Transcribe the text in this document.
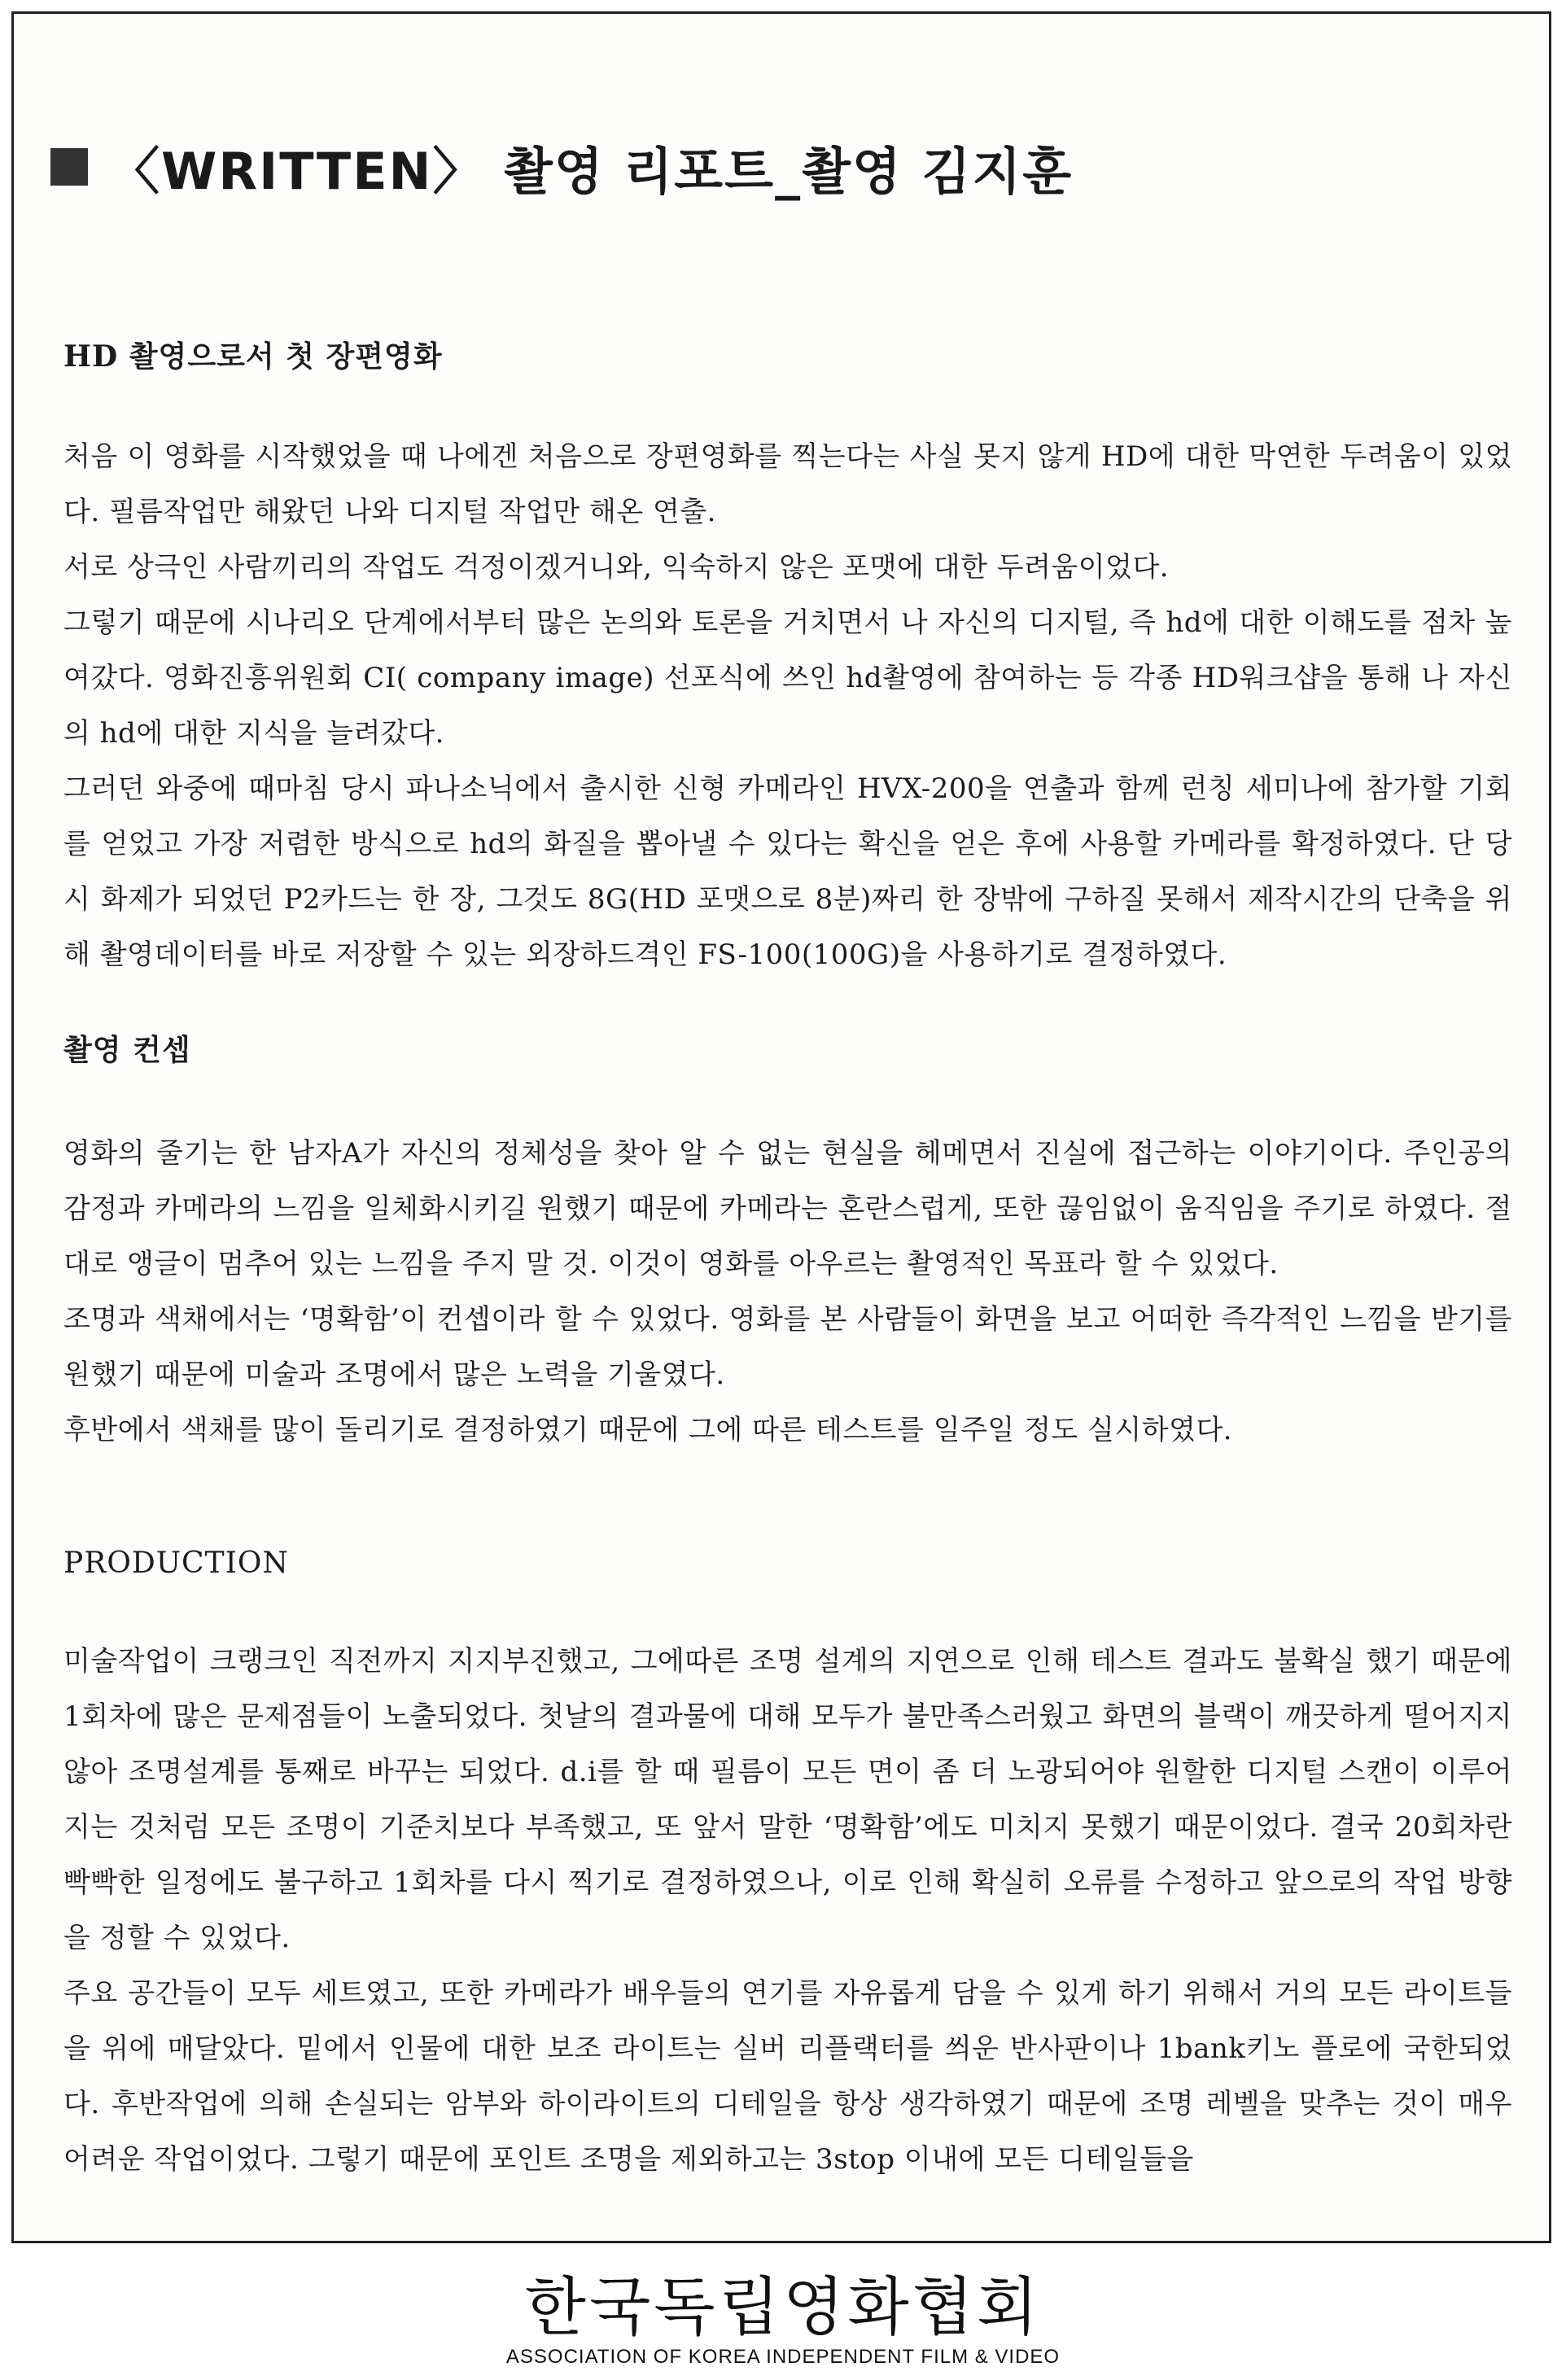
〈WRITTEN〉 촬영 리포트_촬영 김지훈
HD 촬영으로서 첫 장편영화

처음 이 영화를 시작했었을 때 나에겐 처음으로 장편영화를 찍는다는 사실 못지 않게 HD에 대한 막연한 두려움이 있었다. 필름작업만 해왔던 나와 디지털 작업만 해온 연출.

서로 상극인 사람끼리의 작업도 걱정이겠거니와, 익숙하지 않은 포맷에 대한 두려움이었다.

그렇기 때문에 시나리오 단계에서부터 많은 논의와 토론을 거치면서 나 자신의 디지털, 즉 hd에 대한 이해도를 점차 높여갔다. 영화진흥위원회 CI( company image) 선포식에 쓰인 hd촬영에 참여하는 등 각종 HD워크샵을 통해 나 자신의 hd에 대한 지식을 늘려갔다.

그러던 와중에 때마침 당시 파나소닉에서 출시한 신형 카메라인 HVX-200을 연출과 함께 런칭 세미나에 참가할 기회를 얻었고 가장 저렴한 방식으로 hd의 화질을 뽑아낼 수 있다는 확신을 얻은 후에 사용할 카메라를 확정하였다. 단 당시 화제가 되었던 P2카드는 한 장, 그것도 8G(HD 포맷으로 8분)짜리 한 장밖에 구하질 못해서 제작시간의 단축을 위해 촬영데이터를 바로 저장할 수 있는 외장하드격인 FS-100(100G)을 사용하기로 결정하였다.

촬영 컨셉

영화의 줄기는 한 남자A가 자신의 정체성을 찾아 알 수 없는 현실을 헤메면서 진실에 접근하는 이야기이다. 주인공의 감정과 카메라의 느낌을 일체화시키길 원했기 때문에 카메라는 혼란스럽게, 또한 끊임없이 움직임을 주기로 하였다. 절대로 앵글이 멈추어 있는 느낌을 주지 말 것. 이것이 영화를 아우르는 촬영적인 목표라 할 수 있었다.

조명과 색채에서는 ‘명확함’이 컨셉이라 할 수 있었다. 영화를 본 사람들이 화면을 보고 어떠한 즉각적인 느낌을 받기를 원했기 때문에 미술과 조명에서 많은 노력을 기울였다.

후반에서 색채를 많이 돌리기로 결정하였기 때문에 그에 따른 테스트를 일주일 정도 실시하였다.

PRODUCTION

미술작업이 크랭크인 직전까지 지지부진했고, 그에따른 조명 설계의 지연으로 인해 테스트 결과도 불확실 했기 때문에 1회차에 많은 문제점들이 노출되었다. 첫날의 결과물에 대해 모두가 불만족스러웠고 화면의 블랙이 깨끗하게 떨어지지 않아 조명설계를 통째로 바꾸는 되었다. d.i를 할 때 필름이 모든 면이 좀 더 노광되어야 원할한 디지털 스캔이 이루어지는 것처럼 모든 조명이 기준치보다 부족했고, 또 앞서 말한 ‘명확함’에도 미치지 못했기 때문이었다. 결국 20회차란 빡빡한 일정에도 불구하고 1회차를 다시 찍기로 결정하였으나, 이로 인해 확실히 오류를 수정하고 앞으로의 작업 방향을 정할 수 있었다.

주요 공간들이 모두 세트였고, 또한 카메라가 배우들의 연기를 자유롭게 담을 수 있게 하기 위해서 거의 모든 라이트들을 위에 매달았다. 밑에서 인물에 대한 보조 라이트는 실버 리플랙터를 씌운 반사판이나 1bank키노 플로에 국한되었다. 후반작업에 의해 손실되는 암부와 하이라이트의 디테일을 항상 생각하였기 때문에 조명 레벨을 맞추는 것이 매우 어려운 작업이었다. 그렇기 때문에 포인트 조명을 제외하고는 3stop 이내에 모든 디테일들을

한국독립영화협회
ASSOCIATION OF KOREA INDEPENDENT FILM & VIDEO
